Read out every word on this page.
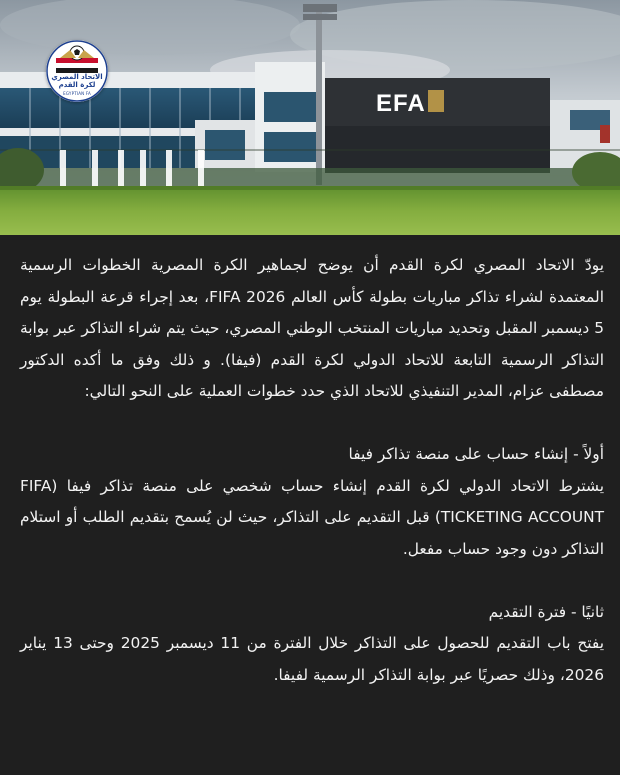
الاتحاد المصري لكرة القدم
EGYPTIAN FA	EFA

يودّ الاتحاد المصري لكرة القدم أن يوضح لجماهير الكرة المصرية الخطوات الرسمية المعتمدة لشراء تذاكر مباريات بطولة كأس العالم FIFA 2026، بعد إجراء قرعة البطولة يوم 5 ديسمبر المقبل وتحديد مباريات المنتخب الوطني المصري، حيث يتم شراء التذاكر عبر بوابة التذاكر الرسمية التابعة للاتحاد الدولي لكرة القدم (فيفا). و ذلك وفق ما أكده الدكتور مصطفى عزام، المدير التنفيذي للاتحاد الذي حدد خطوات العملية على النحو التالي:

أولاً - إنشاء حساب على منصة تذاكر فيفا

يشترط الاتحاد الدولي لكرة القدم إنشاء حساب شخصي على منصة تذاكر فيفا (FIFA TICKETING ACCOUNT) قبل التقديم على التذاكر، حيث لن يُسمح بتقديم الطلب أو استلام التذاكر دون وجود حساب مفعل.

ثانيًا - فترة التقديم

يفتح باب التقديم للحصول على التذاكر خلال الفترة من 11 ديسمبر 2025 وحتى 13 يناير 2026، وذلك حصريًا عبر بوابة التذاكر الرسمية لفيفا.
